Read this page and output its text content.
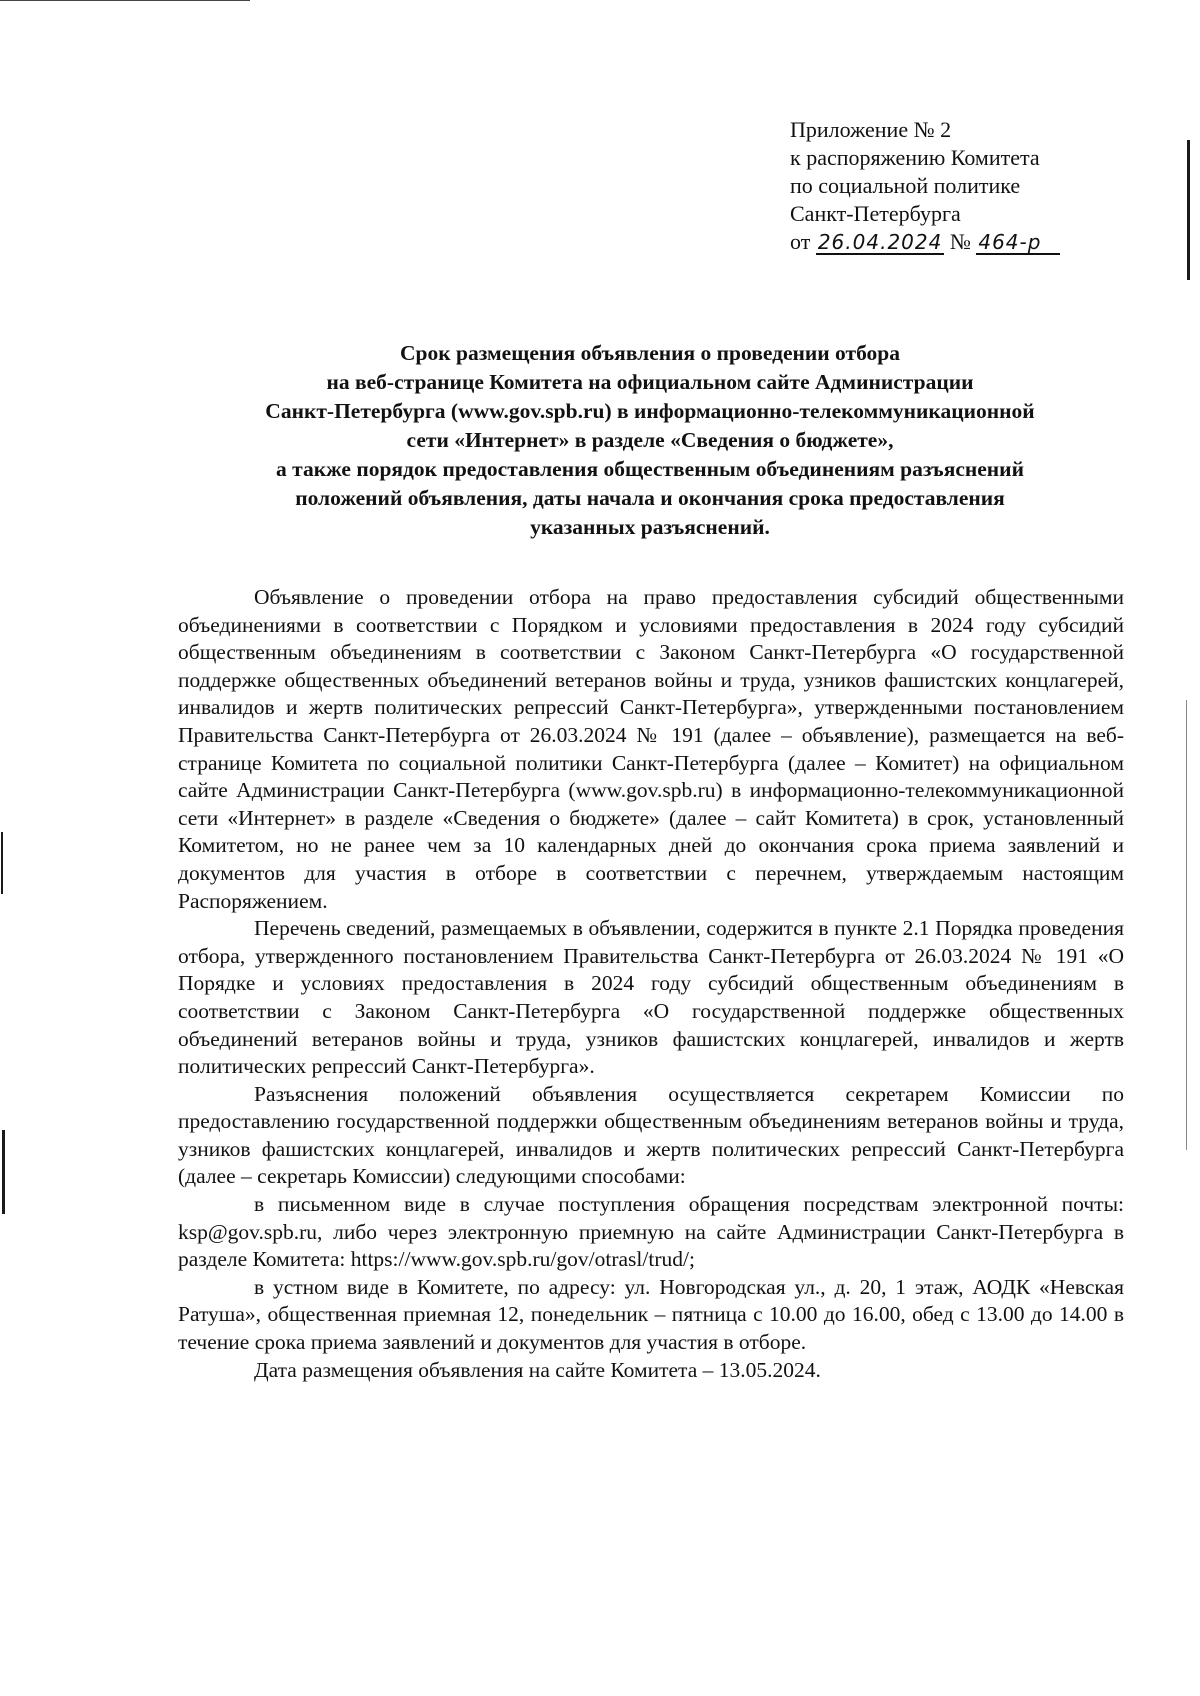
Приложение № 2
к распоряжению Комитета
по социальной политике
Санкт-Петербурга
от 26.04.2024 № 464-р
Срок размещения объявления о проведении отбора
на веб-странице Комитета на официальном сайте Администрации
Санкт-Петербурга (www.gov.spb.ru) в информационно-телекоммуникационной
сети «Интернет» в разделе «Сведения о бюджете»,
а также порядок предоставления общественным объединениям разъяснений
положений объявления, даты начала и окончания срока предоставления
указанных разъяснений.

Объявление о проведении отбора на право предоставления субсидий общественными объединениями в соответствии с Порядком и условиями предоставления в 2024 году субсидий общественным объединениям в соответствии с Законом Санкт-Петербурга «О государственной поддержке общественных объединений ветеранов войны и труда, узников фашистских концлагерей, инвалидов и жертв политических репрессий Санкт-Петербурга», утвержденными постановлением Правительства Санкт-Петербурга от 26.03.2024 № 191 (далее – объявление), размещается на веб-странице Комитета по социальной политики Санкт-Петербурга (далее – Комитет) на официальном сайте Администрации Санкт-Петербурга (www.gov.spb.ru) в информационно-телекоммуникационной сети «Интернет» в разделе «Сведения о бюджете» (далее – сайт Комитета) в срок, установленный Комитетом, но не ранее чем за 10 календарных дней до окончания срока приема заявлений и документов для участия в отборе в соответствии с перечнем, утверждаемым настоящим Распоряжением.

Перечень сведений, размещаемых в объявлении, содержится в пункте 2.1 Порядка проведения отбора, утвержденного постановлением Правительства Санкт-Петербурга от 26.03.2024 № 191 «О Порядке и условиях предоставления в 2024 году субсидий общественным объединениям в соответствии с Законом Санкт-Петербурга «О государственной поддержке общественных объединений ветеранов войны и труда, узников фашистских концлагерей, инвалидов и жертв политических репрессий Санкт-Петербурга».

Разъяснения положений объявления осуществляется секретарем Комиссии по предоставлению государственной поддержки общественным объединениям ветеранов войны и труда, узников фашистских концлагерей, инвалидов и жертв политических репрессий Санкт-Петербурга (далее – секретарь Комиссии) следующими способами:

в письменном виде в случае поступления обращения посредствам электронной почты: ksp@gov.spb.ru, либо через электронную приемную на сайте Администрации Санкт-Петербурга в разделе Комитета: https://www.gov.spb.ru/gov/otrasl/trud/;

в устном виде в Комитете, по адресу: ул. Новгородская ул., д. 20, 1 этаж, АОДК «Невская Ратуша», общественная приемная 12, понедельник – пятница с 10.00 до 16.00, обед с 13.00 до 14.00 в течение срока приема заявлений и документов для участия в отборе.

Дата размещения объявления на сайте Комитета – 13.05.2024.
